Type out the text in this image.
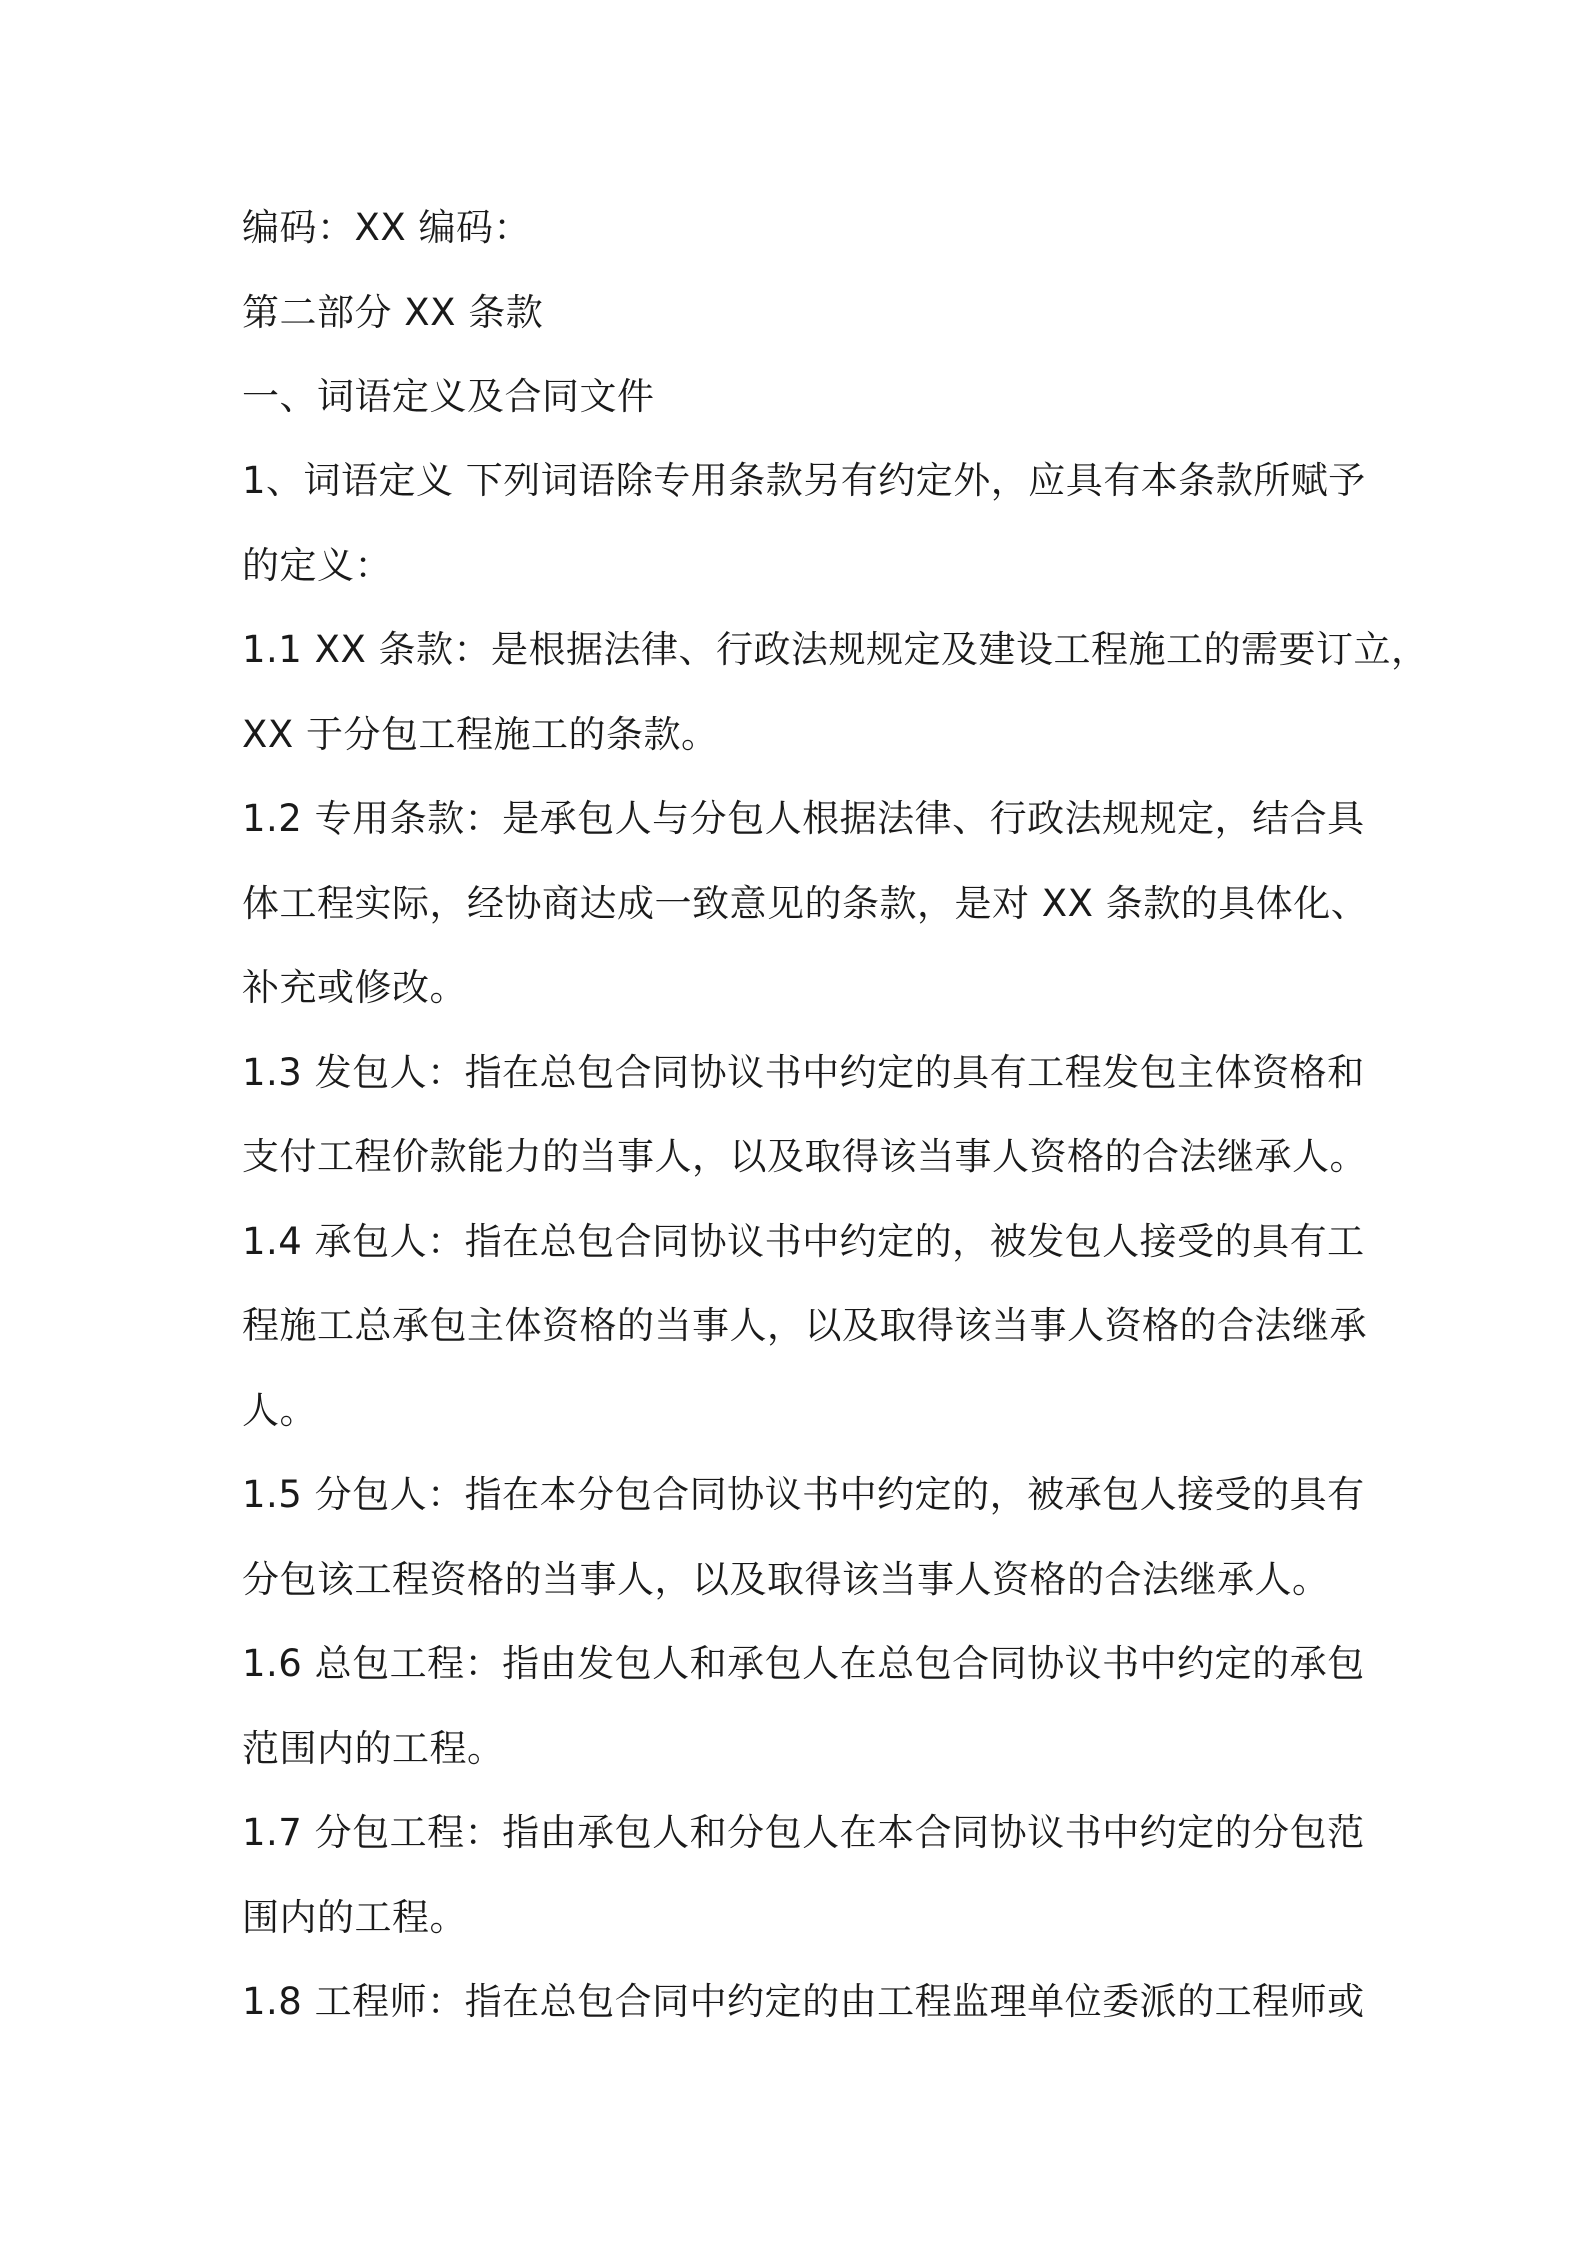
编码：XX 编码：
第二部分 XX 条款
一、词语定义及合同文件
1、词语定义 下列词语除专用条款另有约定外，应具有本条款所赋予
的定义：
1.1 XX 条款：是根据法律、行政法规规定及建设工程施工的需要订立，
XX 于分包工程施工的条款。
1.2 专用条款：是承包人与分包人根据法律、行政法规规定，结合具
体工程实际，经协商达成一致意见的条款，是对 XX 条款的具体化、
补充或修改。
1.3 发包人：指在总包合同协议书中约定的具有工程发包主体资格和
支付工程价款能力的当事人，以及取得该当事人资格的合法继承人。
1.4 承包人：指在总包合同协议书中约定的，被发包人接受的具有工
程施工总承包主体资格的当事人，以及取得该当事人资格的合法继承
人。
1.5 分包人：指在本分包合同协议书中约定的，被承包人接受的具有
分包该工程资格的当事人，以及取得该当事人资格的合法继承人。
1.6 总包工程：指由发包人和承包人在总包合同协议书中约定的承包
范围内的工程。
1.7 分包工程：指由承包人和分包人在本合同协议书中约定的分包范
围内的工程。
1.8 工程师：指在总包合同中约定的由工程监理单位委派的工程师或
